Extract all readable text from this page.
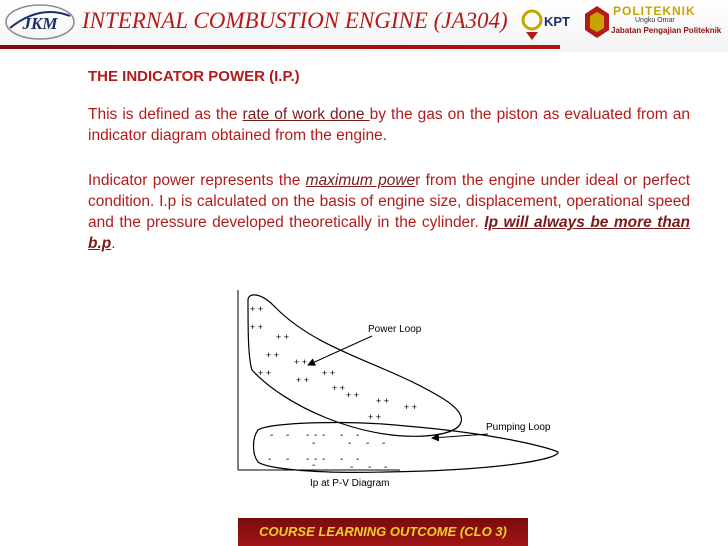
JKM INTERNAL COMBUSTION ENGINE (JA304)	KPT
POLITEKNIK
Ungku Omar
Jabatan Pengajian Politeknik
THE INDICATOR POWER (I.P.)

This is defined as the rate of work done by the gas on the piston as evaluated from an indicator diagram obtained from the engine.

Indicator power represents the maximum power from the engine under ideal or perfect condition. I.p is calculated on the basis of engine size, displacement, operational speed and the pressure developed theoretically in the cylinder. Ip will always be more than b.p.

+ +
+ +
+ +
+ +
+ +
+ +	+ +
+ +
+ +
+ +
+ +
+ +
+ +
- - - - - - -
-	- - -
- - - - - - -
-	- - -
Power Loop
Pumping Loop
Ip at P-V Diagram
COURSE LEARNING OUTCOME (CLO 3)
